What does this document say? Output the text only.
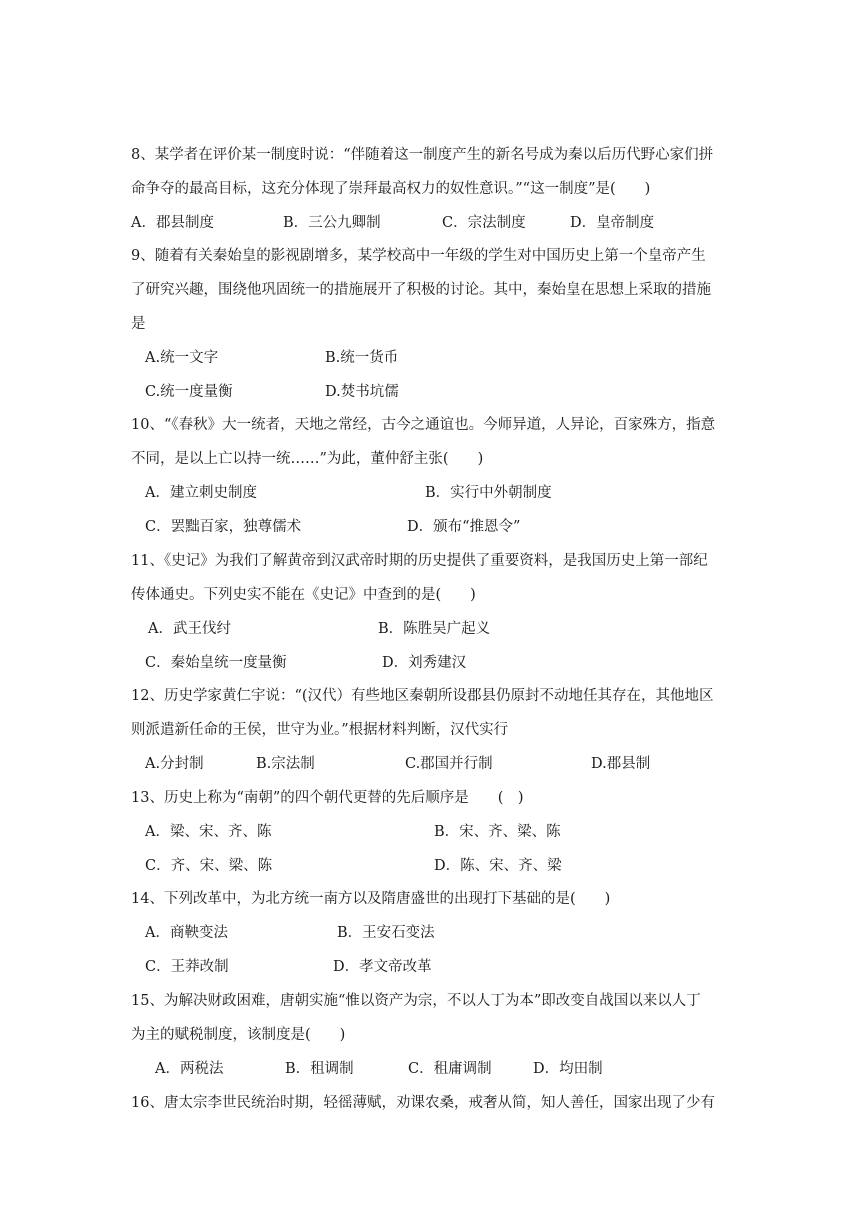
8、某学者在评价某一制度时说：“伴随着这一制度产生的新名号成为秦以后历代野心家们拼
命争夺的最高目标，这充分体现了崇拜最高权力的奴性意识。”“这一制度”是(　　)
A．郡县制度	B．三公九卿制	C．宗法制度	D．皇帝制度
9、随着有关秦始皇的影视剧增多，某学校高中一年级的学生对中国历史上第一个皇帝产生
了研究兴趣，围绕他巩固统一的措施展开了积极的讨论。其中，秦始皇在思想上采取的措施
是
A.统一文字	B.统一货币
C.统一度量衡	D.焚书坑儒
10、“《春秋》大一统者，天地之常经，古今之通谊也。今师异道，人异论，百家殊方，指意
不同，是以上亡以持一统……”为此，董仲舒主张(　　)
A．建立刺史制度	B．实行中外朝制度
C．罢黜百家，独尊儒术	D．颁布“推恩令”
11、《史记》为我们了解黄帝到汉武帝时期的历史提供了重要资料，是我国历史上第一部纪
传体通史。下列史实不能在《史记》中查到的是(　　)
A．武王伐纣	B．陈胜吴广起义
C．秦始皇统一度量衡	D．刘秀建汉
12、历史学家黄仁宇说：“(汉代）有些地区秦朝所设郡县仍原封不动地任其存在，其他地区
则派遣新任命的王侯，世守为业。”根据材料判断，汉代实行
A.分封制	B.宗法制	C.郡国并行制	D.郡县制
13、历史上称为“南朝”的四个朝代更替的先后顺序是　　(　)
A．梁、宋、齐、陈	B．宋、齐、梁、陈
C．齐、宋、梁、陈	D．陈、宋、齐、梁
14、下列改革中，为北方统一南方以及隋唐盛世的出现打下基础的是(　　)
A．商鞅变法	B．王安石变法
C．王莽改制	D．孝文帝改革
15、为解决财政困难，唐朝实施“惟以资产为宗，不以人丁为本”即改变自战国以来以人丁
为主的赋税制度，该制度是(　　)
A．两税法	B．租调制	C．租庸调制	D．均田制
16、唐太宗李世民统治时期，轻徭薄赋，劝课农桑，戒奢从简，知人善任，国家出现了少有
